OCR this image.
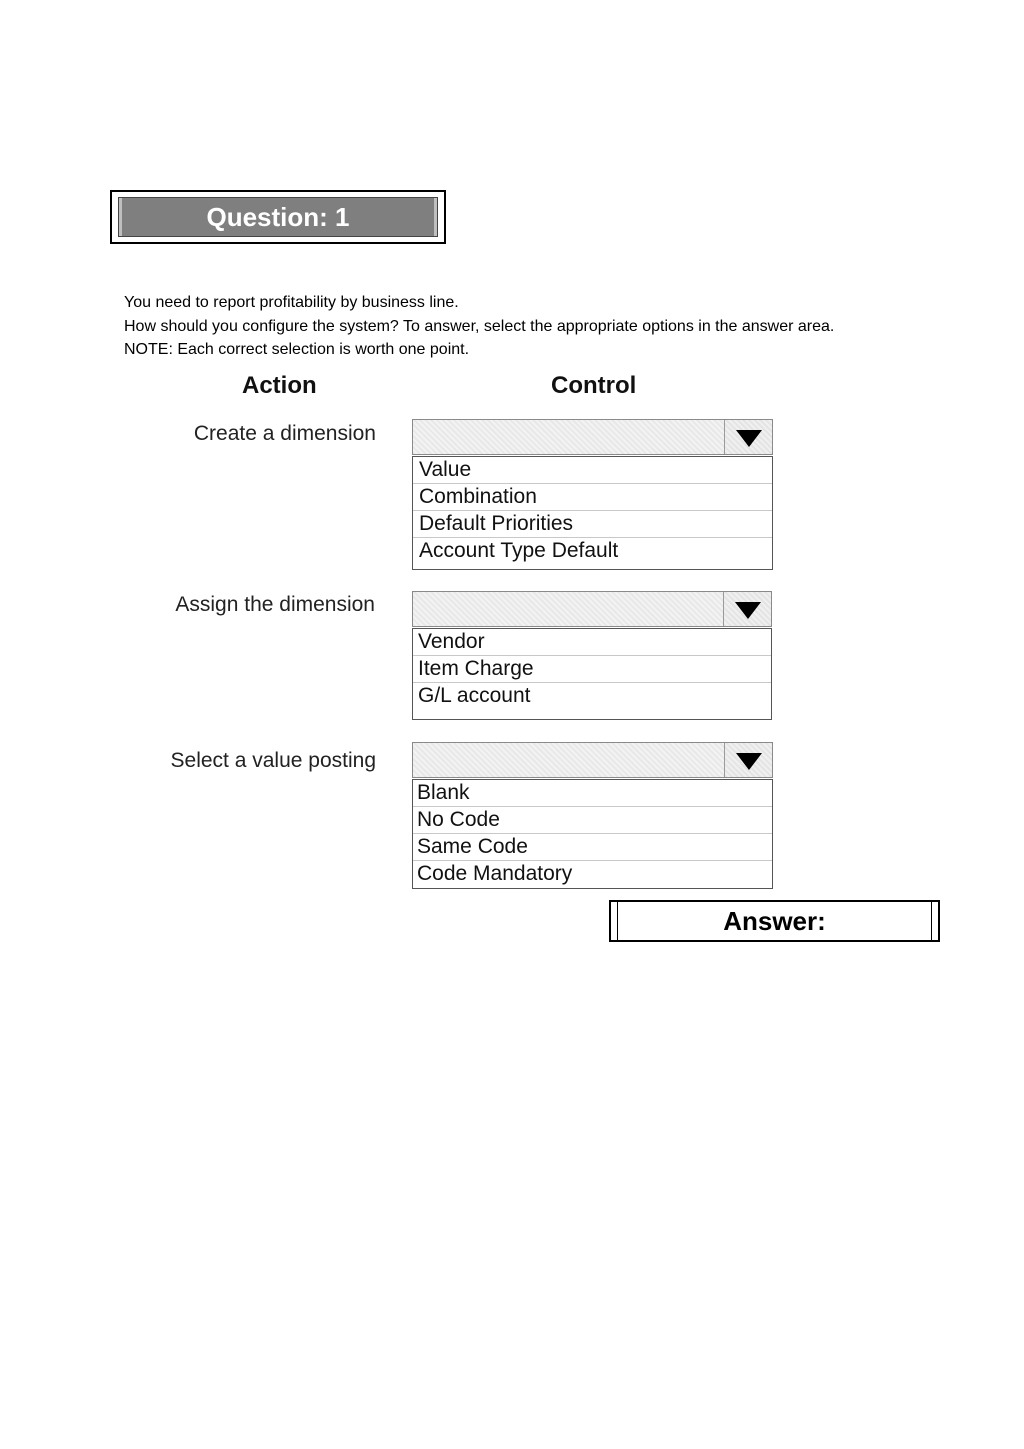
Question: 1

You need to report profitability by business line.

How should you configure the system? To answer, select the appropriate options in the answer area.

NOTE: Each correct selection is worth one point.

Action	Control
Create a dimension
Value
Combination
Default Priorities
Account Type Default
Assign the dimension
Vendor
Item Charge
G/L account
Select a value posting
Blank
No Code
Same Code
Code Mandatory
Answer:
